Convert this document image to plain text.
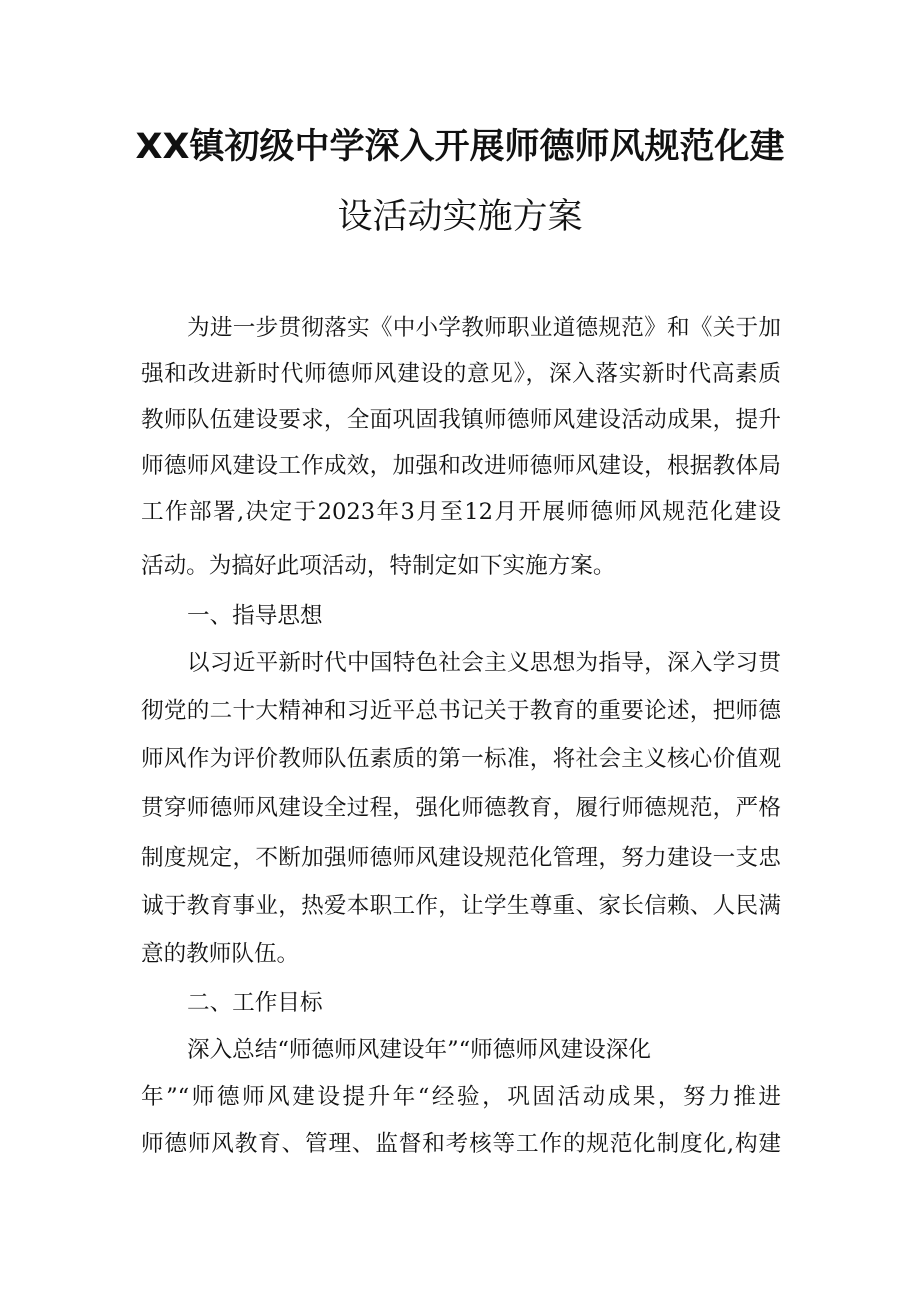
XX镇初级中学深入开展师德师风规范化建
设活动实施方案

为进一步贯彻落实《中小学教师职业道德规范》和《关于加

强和改进新时代师德师风建设的意见》，深入落实新时代高素质

教师队伍建设要求，全面巩固我镇师德师风建设活动成果，提升

师德师风建设工作成效，加强和改进师德师风建设，根据教体局

工作部署,决定于2023年3月至12月开展师德师风规范化建设

活动。为搞好此项活动，特制定如下实施方案。

一、指导思想

以习近平新时代中国特色社会主义思想为指导，深入学习贯

彻党的二十大精神和习近平总书记关于教育的重要论述，把师德

师风作为评价教师队伍素质的第一标准，将社会主义核心价值观

贯穿师德师风建设全过程，强化师德教育，履行师德规范，严格

制度规定，不断加强师德师风建设规范化管理，努力建设一支忠

诚于教育事业，热爱本职工作，让学生尊重、家长信赖、人民满

意的教师队伍。

二、工作目标

深入总结“师德师风建设年”“师德师风建设深化

年”“师德师风建设提升年“经验，巩固活动成果，努力推进

师德师风教育、管理、监督和考核等工作的规范化制度化,构建
